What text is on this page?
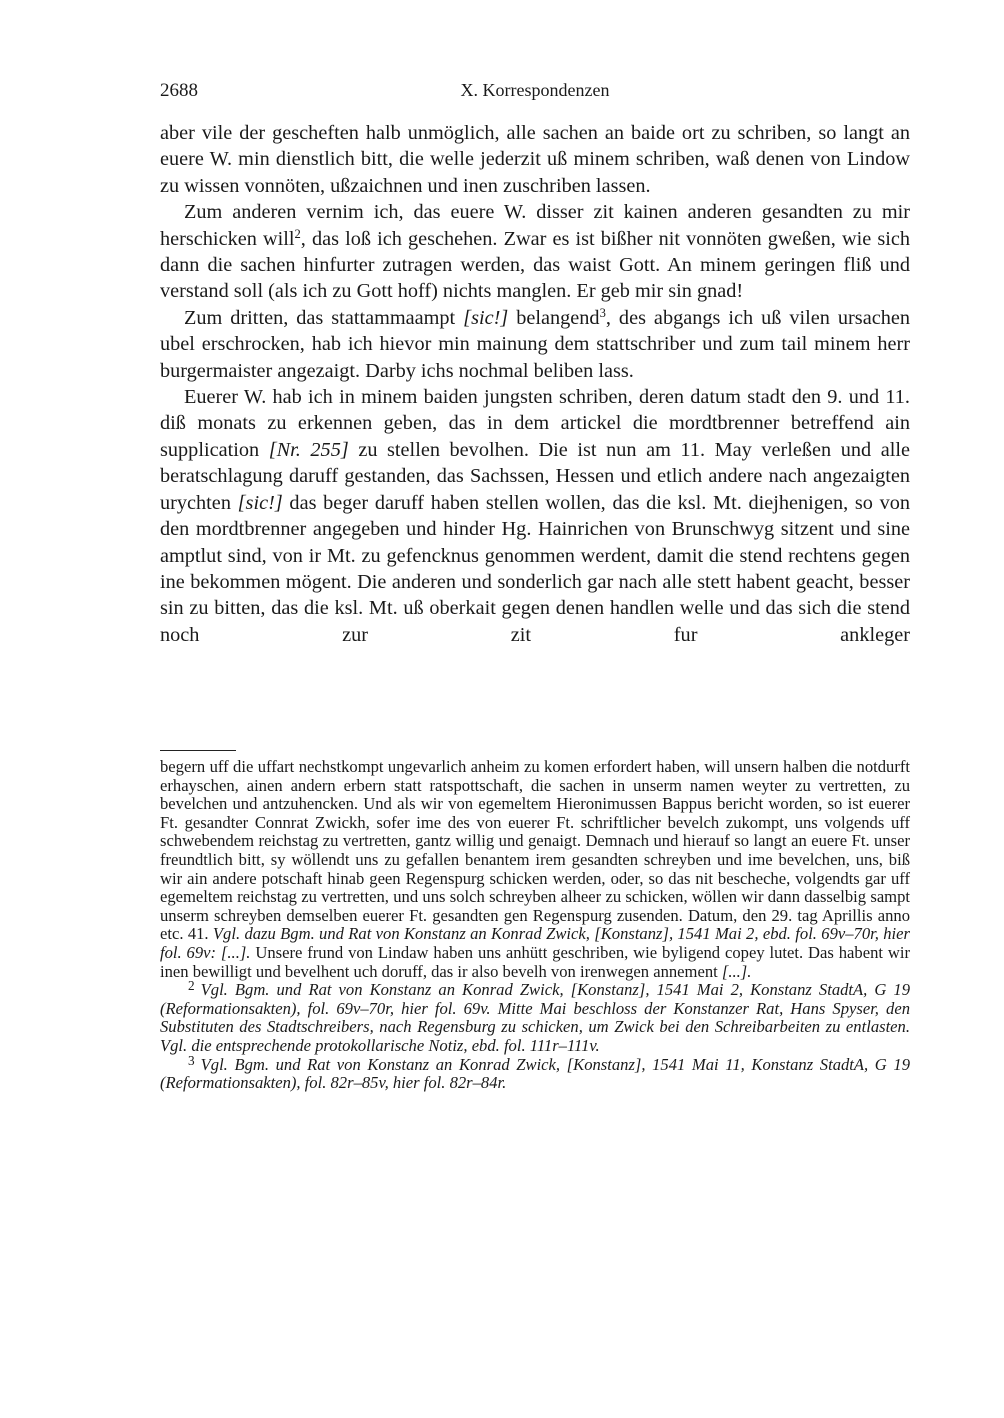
2688	X. Korrespondenzen

aber vile der gescheften halb unmöglich, alle sachen an baide ort zu schriben, so langt an euere W. min dienstlich bitt, die welle jederzit uß minem schriben, waß denen von Lindow zu wissen vonnöten, ußzaichnen und inen zuschriben lassen.

Zum anderen vernim ich, das euere W. disser zit kainen anderen gesandten zu mir herschicken will$^2$, das loß ich geschehen. Zwar es ist bißher nit vonnöten gweßen, wie sich dann die sachen hinfurter zutragen werden, das waist Gott. An minem geringen fliß und verstand soll (als ich zu Gott hoff) nichts manglen. Er geb mir sin gnad!

Zum dritten, das stattammaampt [sic!] belangend$^3$, des abgangs ich uß vilen ursachen ubel erschrocken, hab ich hievor min mainung dem stattschriber und zum tail minem herr burgermaister angezaigt. Darby ichs nochmal beliben lass.

Euerer W. hab ich in minem baiden jungsten schriben, deren datum stadt den 9. und 11. diß monats zu erkennen geben, das in dem artickel die mordtbrenner betreffend ain supplication [Nr. 255] zu stellen bevolhen. Die ist nun am 11. May verleßen und alle beratschlagung daruff gestanden, das Sachssen, Hessen und etlich andere nach angezaigten urychten [sic!] das beger daruff haben stellen wollen, das die ksl. Mt. diejhenigen, so von den mordtbrenner angegeben und hinder Hg. Hainrichen von Brunschwyg sitzent und sine amptlut sind, von ir Mt. zu gefencknus genommen werdent, damit die stend rechtens gegen ine bekommen mögent. Die anderen und sonderlich gar nach alle stett habent geacht, besser sin zu bitten, das die ksl. Mt. uß oberkait gegen denen handlen welle und das sich die stend noch zur zit fur ankleger

begern uff die uffart nechstkompt ungevarlich anheim zu komen erfordert haben, will unsern halben die notdurft erhayschen, ainen andern erbern statt ratspottschaft, die sachen in unserm namen weyter zu vertretten, zu bevelchen und antzuhencken. Und als wir von egemeltem Hieronimussen Bappus bericht worden, so ist euerer Ft. gesandter Connrat Zwickh, sofer ime des von euerer Ft. schriftlicher bevelch zukompt, uns volgends uff schwebendem reichstag zu vertretten, gantz willig und genaigt. Demnach und hierauf so langt an euere Ft. unser freundtlich bitt, sy wöllendt uns zu gefallen benantem irem gesandten schreyben und ime bevelchen, uns, biß wir ain andere potschaft hinab geen Regenspurg schicken werden, oder, so das nit bescheche, volgendts gar uff egemeltem reichstag zu vertretten, und uns solch schreyben alheer zu schicken, wöllen wir dann dasselbig sampt unserm schreyben demselben euerer Ft. gesandten gen Regenspurg zusenden. Datum, den 29. tag Aprillis anno etc. 41. Vgl. dazu Bgm. und Rat von Konstanz an Konrad Zwick, [Konstanz], 1541 Mai 2, ebd. fol. 69v–70r, hier fol. 69v: [...]. Unsere frund von Lindaw haben uns anhütt geschriben, wie byligend copey lutet. Das habent wir inen bewilligt und bevelhent uch doruff, das ir also bevelh von irenwegen annement [...].

$^2$ Vgl. Bgm. und Rat von Konstanz an Konrad Zwick, [Konstanz], 1541 Mai 2, Konstanz StadtA, G 19 (Reformationsakten), fol. 69v–70r, hier fol. 69v. Mitte Mai beschloss der Konstanzer Rat, Hans Spyser, den Substituten des Stadtschreibers, nach Regensburg zu schicken, um Zwick bei den Schreibarbeiten zu entlasten. Vgl. die entsprechende protokollarische Notiz, ebd. fol. 111r–111v.

$^3$ Vgl. Bgm. und Rat von Konstanz an Konrad Zwick, [Konstanz], 1541 Mai 11, Konstanz StadtA, G 19 (Reformationsakten), fol. 82r–85v, hier fol. 82r–84r.
